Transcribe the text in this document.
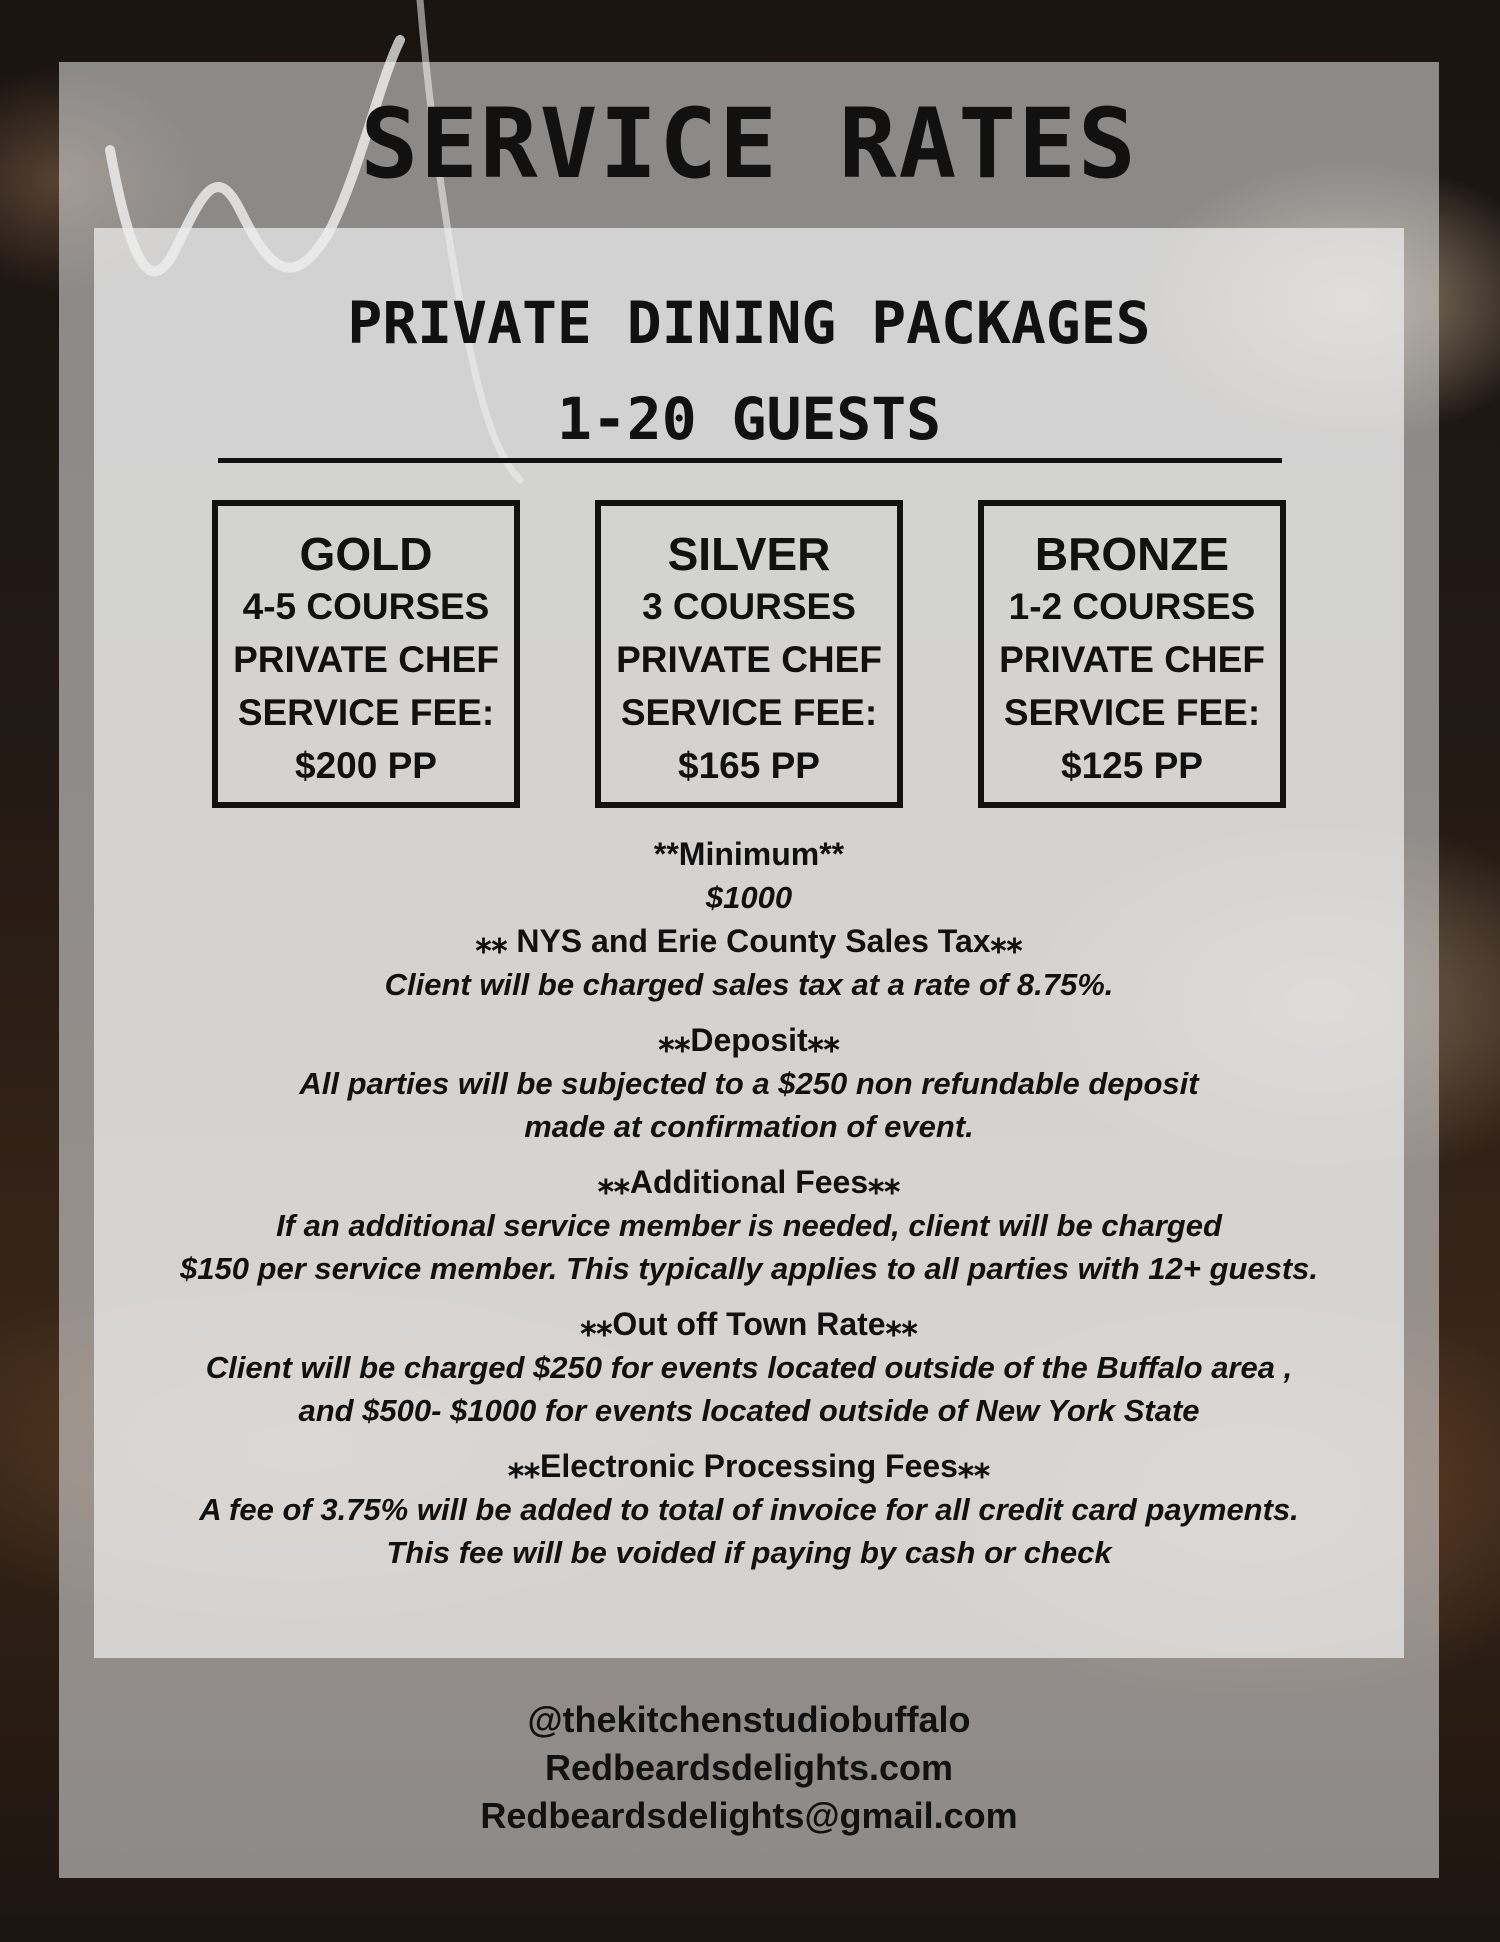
SERVICE RATES
PRIVATE DINING PACKAGES
1-20 GUESTS
GOLD
4-5 COURSES
PRIVATE CHEF
SERVICE FEE:
$200 PP
SILVER
3 COURSES
PRIVATE CHEF
SERVICE FEE:
$165 PP
BRONZE
1-2 COURSES
PRIVATE CHEF
SERVICE FEE:
$125 PP
**Minimum**
$1000
⁎⁎ NYS and Erie County Sales Tax⁎⁎
Client will be charged sales tax at a rate of 8.75%.
⁎⁎Deposit⁎⁎
All parties will be subjected to a $250 non refundable deposit
made at confirmation of event.
⁎⁎Additional Fees⁎⁎
If an additional service member is needed, client will be charged
$150 per service member. This typically applies to all parties with 12+ guests.
⁎⁎Out off Town Rate⁎⁎
Client will be charged $250 for events located outside of the Buffalo area ,
and $500- $1000 for events located outside of New York State
⁎⁎Electronic Processing Fees⁎⁎
A fee of 3.75% will be added to total of invoice for all credit card payments.
This fee will be voided if paying by cash or check
@thekitchenstudiobuffalo
Redbeardsdelights.com
Redbeardsdelights@gmail.com
